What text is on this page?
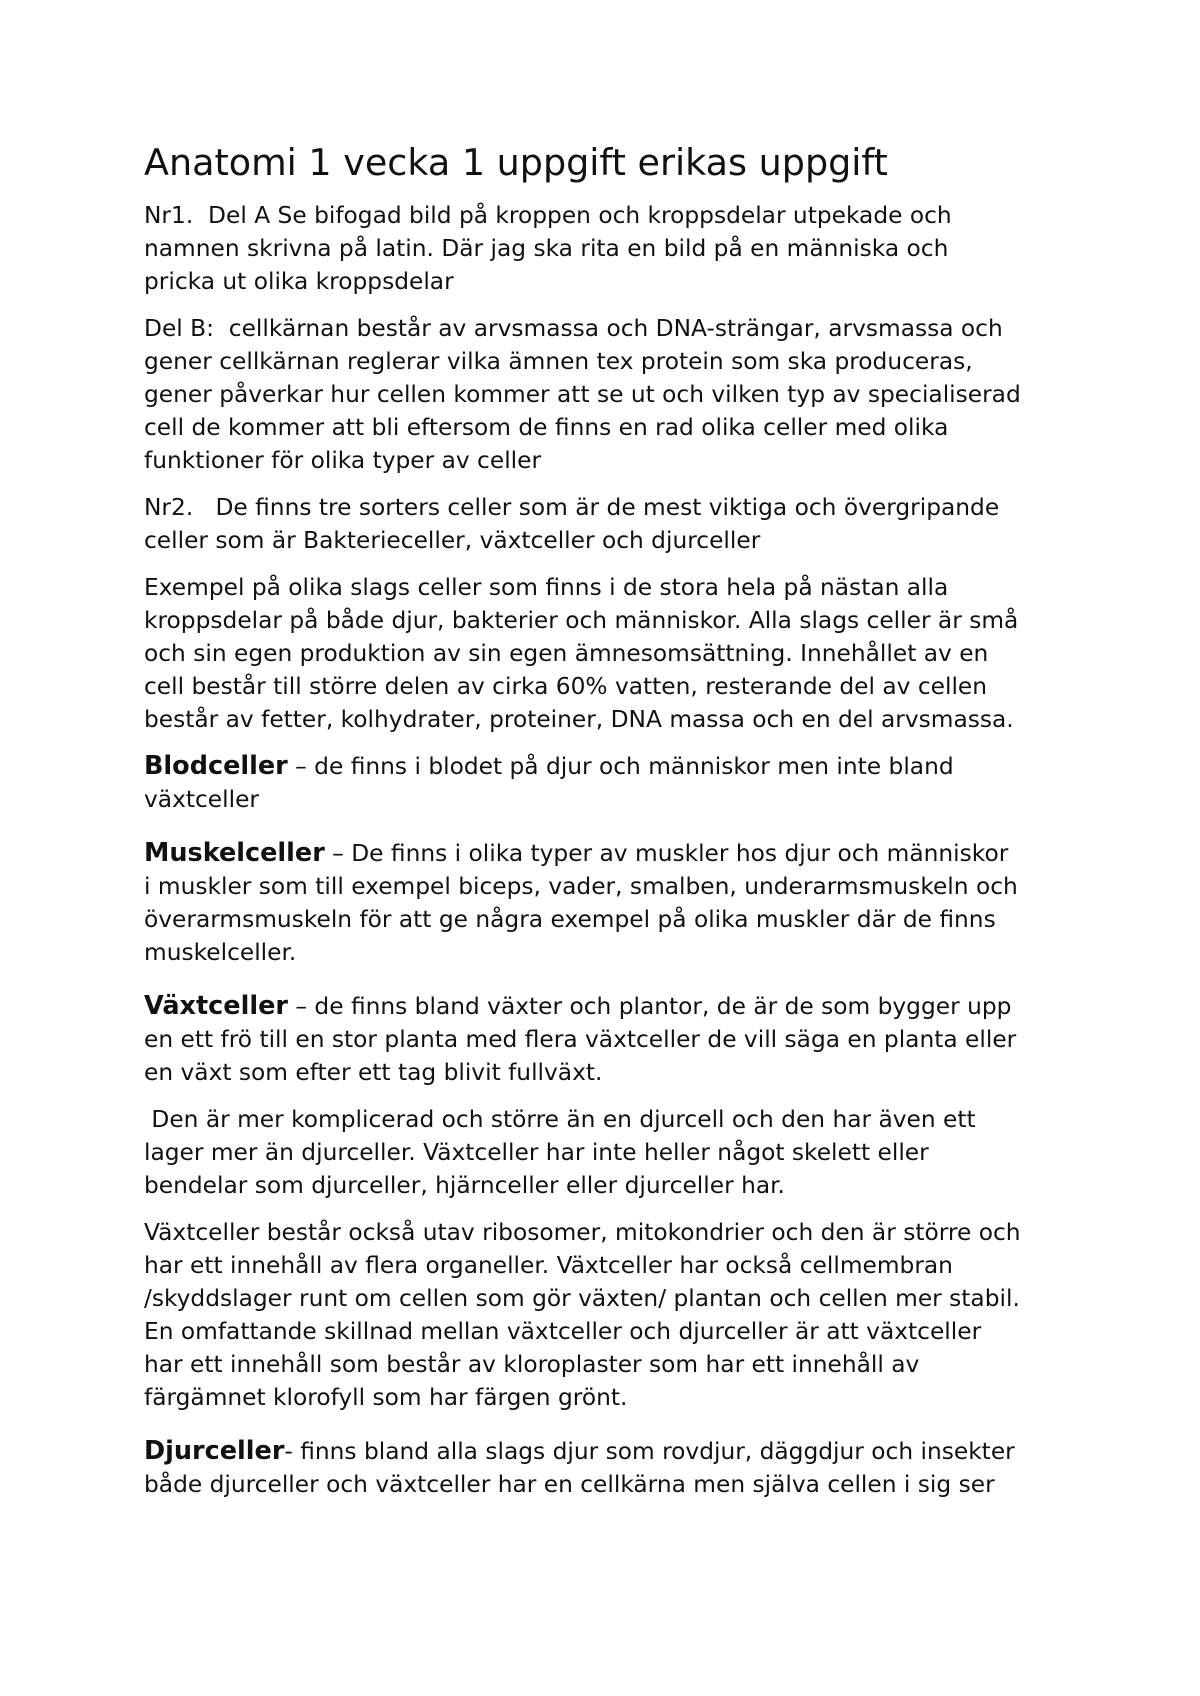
Anatomi 1 vecka 1 uppgift erikas uppgift

Nr1.  Del A Se bifogad bild på kroppen och kroppsdelar utpekade och
namnen skrivna på latin. Där jag ska rita en bild på en människa och
pricka ut olika kroppsdelar

Del B:  cellkärnan består av arvsmassa och DNA-strängar, arvsmassa och
gener cellkärnan reglerar vilka ämnen tex protein som ska produceras,
gener påverkar hur cellen kommer att se ut och vilken typ av specialiserad
cell de kommer att bli eftersom de finns en rad olika celler med olika
funktioner för olika typer av celler

Nr2.   De finns tre sorters celler som är de mest viktiga och övergripande
celler som är Bakterieceller, växtceller och djurceller

Exempel på olika slags celler som finns i de stora hela på nästan alla
kroppsdelar på både djur, bakterier och människor. Alla slags celler är små
och sin egen produktion av sin egen ämnesomsättning. Innehållet av en
cell består till större delen av cirka 60% vatten, resterande del av cellen
består av fetter, kolhydrater, proteiner, DNA massa och en del arvsmassa.

Blodceller – de finns i blodet på djur och människor men inte bland
växtceller

Muskelceller – De finns i olika typer av muskler hos djur och människor
i muskler som till exempel biceps, vader, smalben, underarmsmuskeln och
överarmsmuskeln för att ge några exempel på olika muskler där de finns
muskelceller.

Växtceller – de finns bland växter och plantor, de är de som bygger upp
en ett frö till en stor planta med flera växtceller de vill säga en planta eller
en växt som efter ett tag blivit fullväxt.

Den är mer komplicerad och större än en djurcell och den har även ett
lager mer än djurceller. Växtceller har inte heller något skelett eller
bendelar som djurceller, hjärnceller eller djurceller har.

Växtceller består också utav ribosomer, mitokondrier och den är större och
har ett innehåll av flera organeller. Växtceller har också cellmembran
/skyddslager runt om cellen som gör växten/ plantan och cellen mer stabil.
En omfattande skillnad mellan växtceller och djurceller är att växtceller
har ett innehåll som består av kloroplaster som har ett innehåll av
färgämnet klorofyll som har färgen grönt.

Djurceller- finns bland alla slags djur som rovdjur, däggdjur och insekter
både djurceller och växtceller har en cellkärna men själva cellen i sig ser
